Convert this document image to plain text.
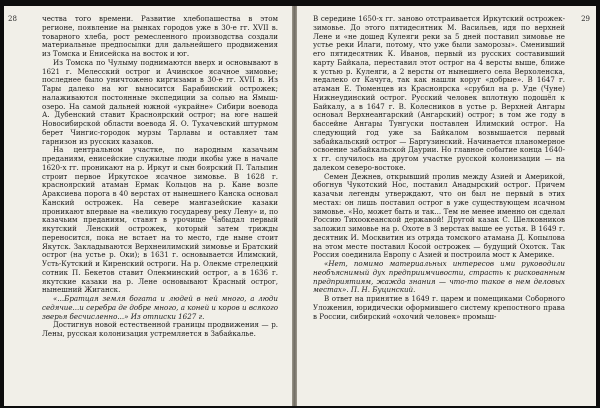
28	чества того времени. Развитие хлебопашества в этом регионе, появление на рынках городов уже в 30-е гг. XVII в. товарного хлеба, рост ремесленного производства создали материальные предпосылки для дальнейшего продвижения из Томска и Енисейска на восток и юг.

Из Томска по Чулыму поднимаются вверх и основывают в 1621 г. Мелесский острог и Ачинское ясачное зимовье; последнее было уничтожено киргизами в 30-е гг. XVII в. Из Тары далеко на юг выносится Барабинский острожек; налаживаются постоянные экспедиции за солью на Ямыш-озеро. На самой дальней южной «украйне» Сибири воевода А. Дубенский ставит Красноярский острог; на юге нашей Новосибирской области воевода Я. О. Тухачевский штурмом берет Чингис-городок мурзы Тарлавы и оставляет там гарнизон из русских казаков.

На центральном участке, по народным казачьим преданиям, енисейские служилые люди якобы уже в начале 1620-х гг. проникают на р. Иркут и сын боярский П. Тальпин строит первое Иркутское ясачное зимовье. В 1628 г. красноярский атаман Ермак Кольцов на р. Кане возле Араксиева порога в 40 верстах от нынешнего Канска основал Канский острожек. На севере мангазейские казаки проникают впервые на «великую государеву реку Лену» и, по казачьим преданиям, ставят в урочище Чабыдал первый якутский Ленский острожек, который затем трижды переносится, пока не встает на то место, где ныне стоит Якутск. Закладываются Верхнеилимский зимовье и Братский острог (на устье р. Оки); в 1631 г. основывается Илимский, Усть-Кутский и Киренский остроги. На р. Олекме стрелецкий сотник П. Бекетов ставит Олекминский острог, а в 1636 г. якутские казаки на р. Лене основывают Красный острог, нынешний Жиганск.

«...Братцая земля богата и людей в ней много, а люди седячие...и серебра де добре много, а коней и коров и всякого зверья бесчисленно...» Из отписки 1627 г.

Достигнув новой естественной границы продвижения — р. Лены, русская колонизация устремляется в Забайкалье.

29

В середине 1650-х гг. заново отстраивается Иркутский острожек-зимовье. До этого пятидесятник М. Васильев, идя по верхней Лене и «не дошед Кулеяги реки за 5 дней поставил зимовье не устье реки Илаги, потому, что уже были заморозы». Сменивший его пятидесятник К. Иванов, первый из русских составивший карту Байкала, переставил этот острог на 4 версты выше, ближе к устью р. Кулеяги, а 2 версты от нынешнего села Верхоленска, недалеко от Качуга, так как нашли коруг «добрые». В 1647 г. атаман Е. Тюменцев из Красноярска «срубил на р. Уде (Чуне) Нижнеудинский острог. Русский человек вплотную подошёл к Байкалу, а в 1647 г. В. Колесников в устье р. Верхней Ангары основал Верхнеангарский (Ангарский) острог; в том же году в бассейне Ангары Тунгуски поставлен Илимский острог. На следующий год уже за Байкалом возвышается первый забайкальский острог — Баргузинский. Начинается планомерное освоение забайкальской Даурии. Но главное событие конца 1640-х гг. случилось на другом участке русской колонизации — на далеком северо-востоке.

Семен Дежнев, открывший пролив между Азией и Америкой, обогнув Чукотский Нос, поставил Анадырский острог. Причем казачьи легенды утверждают, что он был не первый в этих местах: он лишь поставил острог в уже существующем ясачном зимовье. «Но, может быть и так... Тем не менее именно он сделал Россию Тихоокеанской державой! Другой казак С. Шелковников заложил зимовье на р. Охоте в 3 верстах выше ее устья. В 1649 г. десятник И. Москвитин из отряда томского атамана Д. Копылова на этом месте поставил Косой острожек — будущий Охотск. Так Россия соединила Европу с Азией и построила мост к Америке.

«Нет, помимо материальных интересов ими руководили необъяснимый дух предприимчивости, страсть к рискованным предприятиям, жажда знания — что-то такое в нем деловых местах». П. Н. Буцинский.

В ответ на принятие в 1649 г. царем и помещиками Соборного Уложения, юридически оформившего систему крепостного права в России, сибирский «охочий человек» промыш-
